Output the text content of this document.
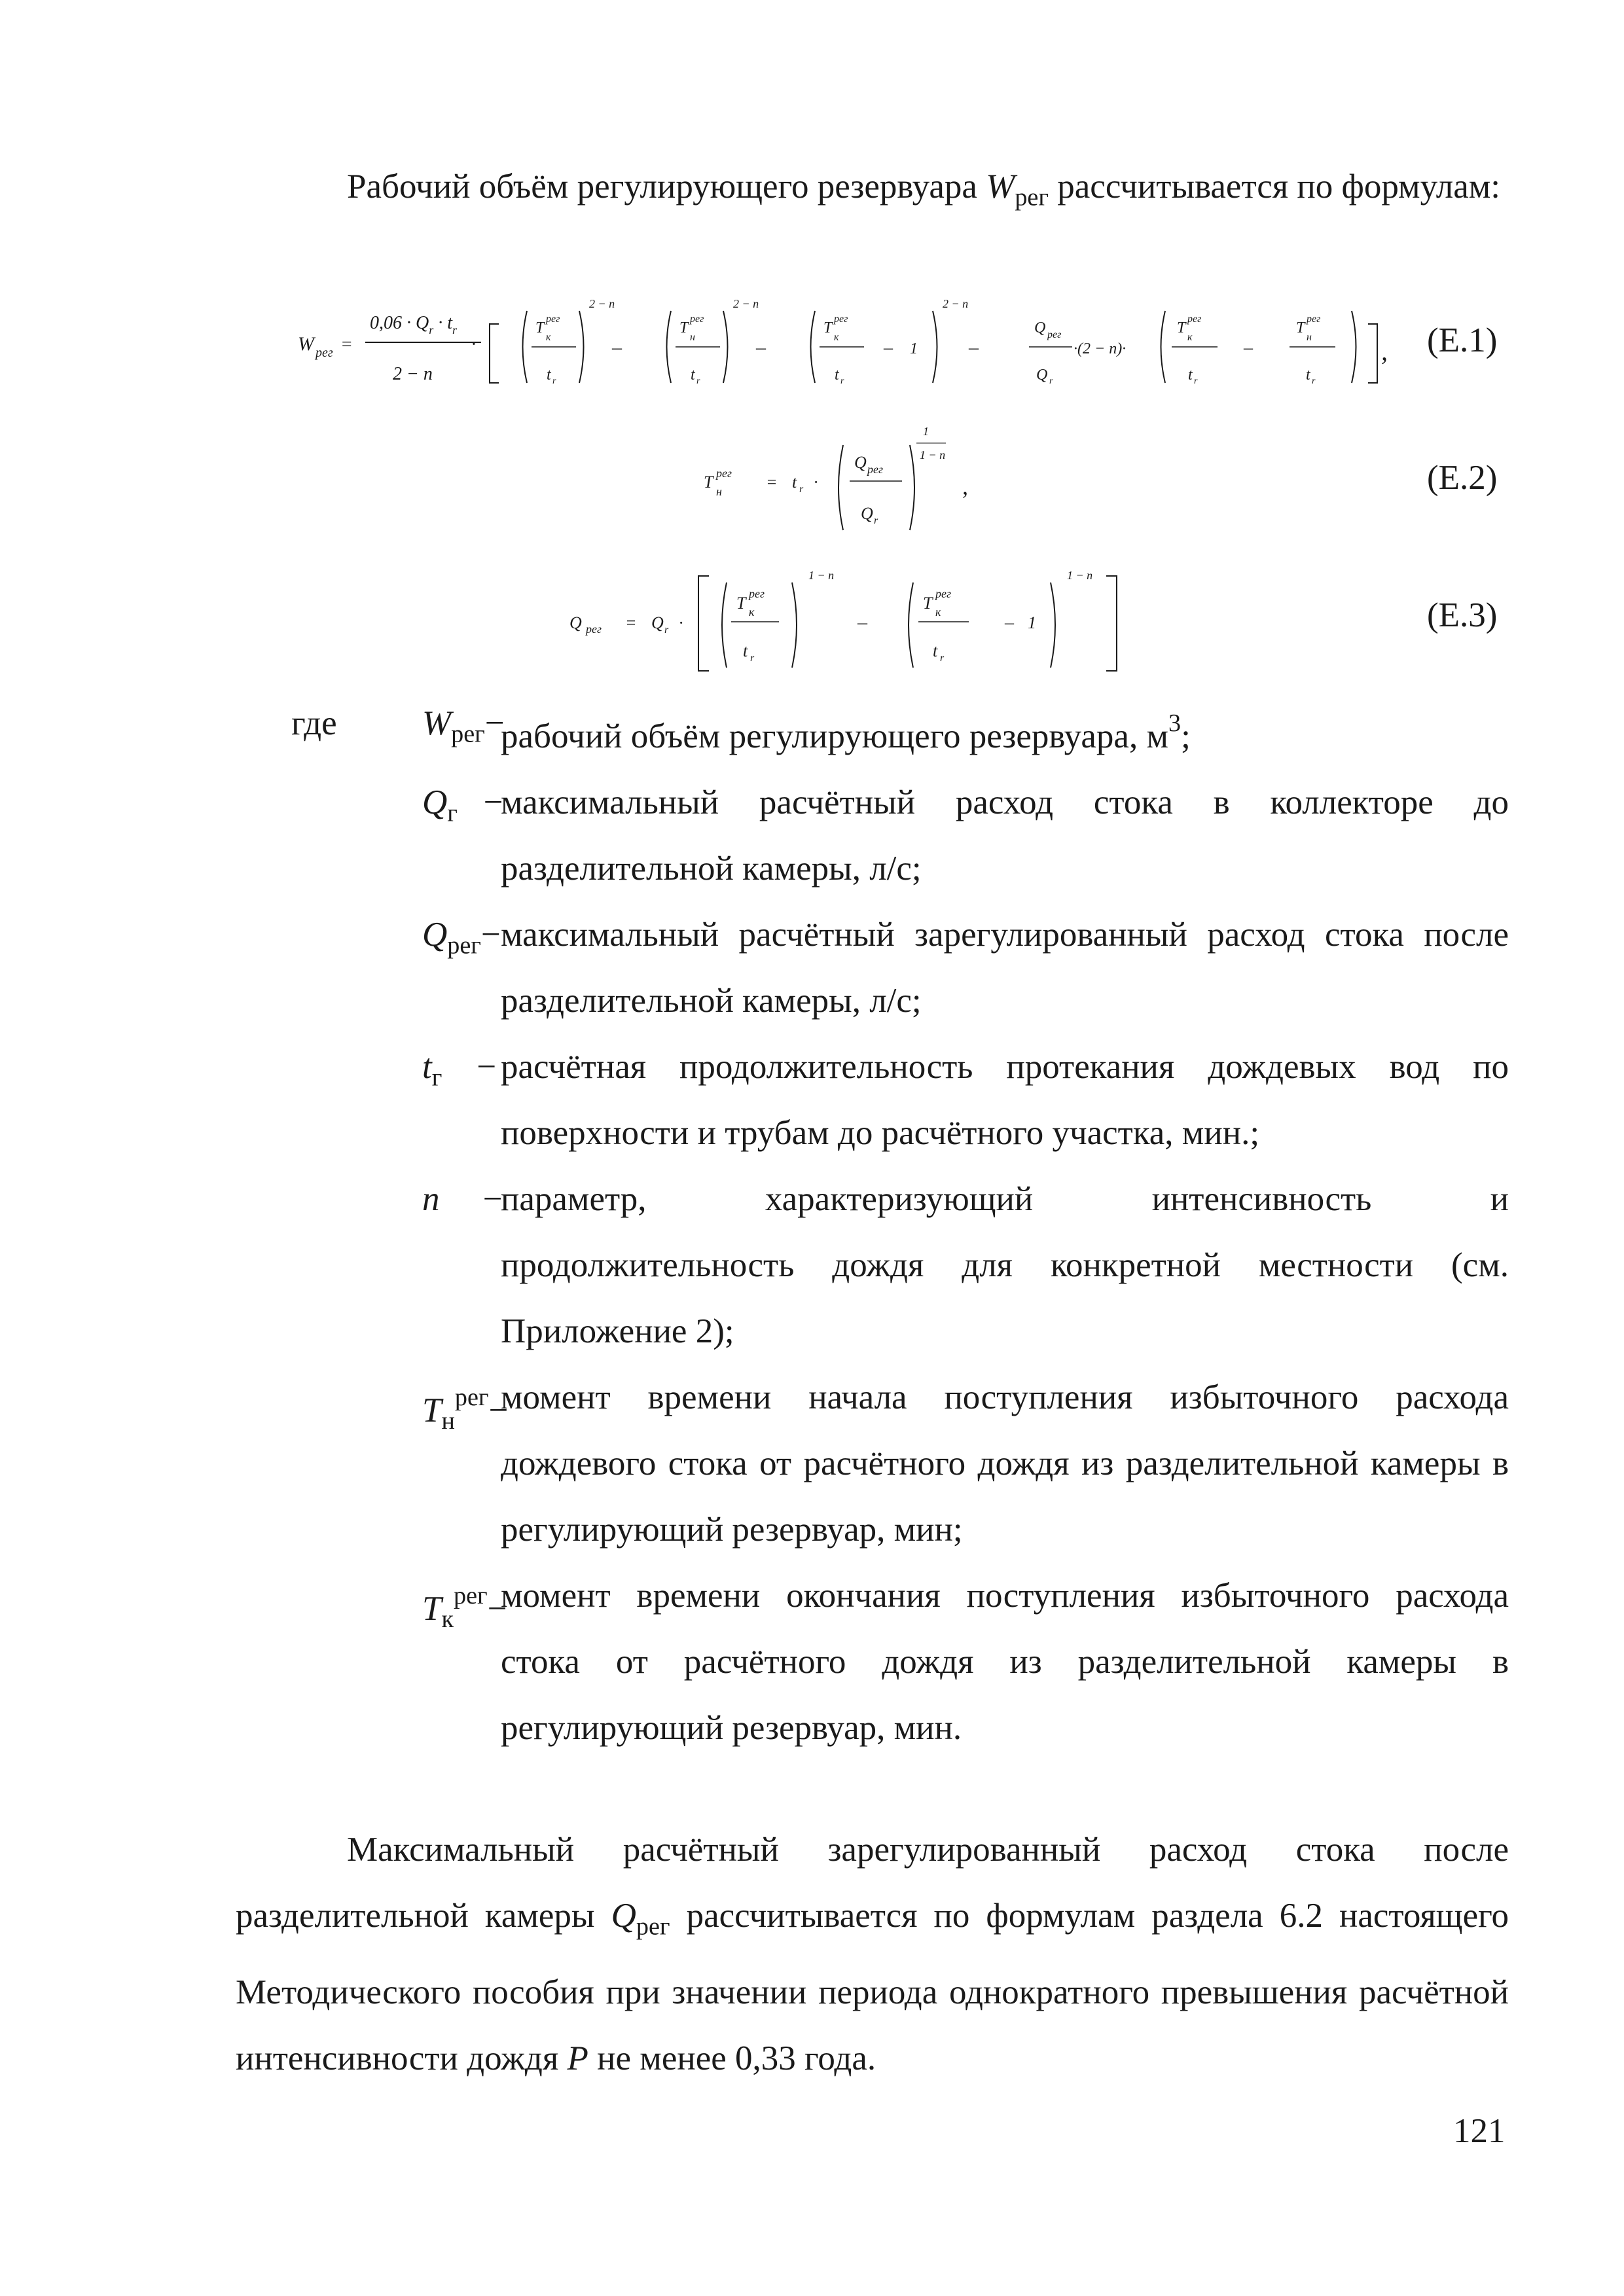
Рабочий объём регулирующего резервуара $W_{рег}$ рассчитывается по формулам:

W рег =
$0,06 \cdot Q_r \cdot t_r$
2 − n
·
T
рег
к
t r
2 − n
–
T
рег
н
t r
2 − n
–
T
рег
к
t r
– 1
2 − n
–
Q рег
Q r
·(2 − n)·
T
рег
к
t r
–
T
рег
н
t r
, (Е.1)
T рег
н	= t r ·
Q рег
Q r
1
1 − n
,	(Е.2)
Q рег = Q r ·
T рег
к
t r
1 − n
–
T рег
к
t r
– 1
1 − n
(Е.3)
где	$W_{рег}-$
рабочий объём регулирующего резервуара, $м^3$;
$Q_г$ −
максимальный расчётный расход стока в коллекторе до разделительной камеры, л/с;
$Q_{рег}-$ максимальный расчётный зарегулированный расход стока после разделительной камеры, л/с;
$t_г$ − расчётная продолжительность протекания дождевых вод по поверхности и трубам до расчётного участка, мин.;
n −
параметр, характеризующий интенсивность и
продолжительность дождя для конкретной местности (см. Приложение 2);
$T_н^{рег}-$
момент времени начала поступления избыточного расхода дождевого стока от расчётного дождя из разделительной камеры в регулирующий резервуар, мин;
$T_к^{рег}-$
момент времени окончания поступления избыточного расхода стока от расчётного дождя из разделительной камеры в регулирующий резервуар, мин.

Максимальный расчётный зарегулированный расход стока после разделительной камеры $Q_{рег}$ рассчитывается по формулам раздела 6.2 настоящего Методического пособия при значении периода однократного превышения расчётной интенсивности дождя P не менее 0,33 года.

121
